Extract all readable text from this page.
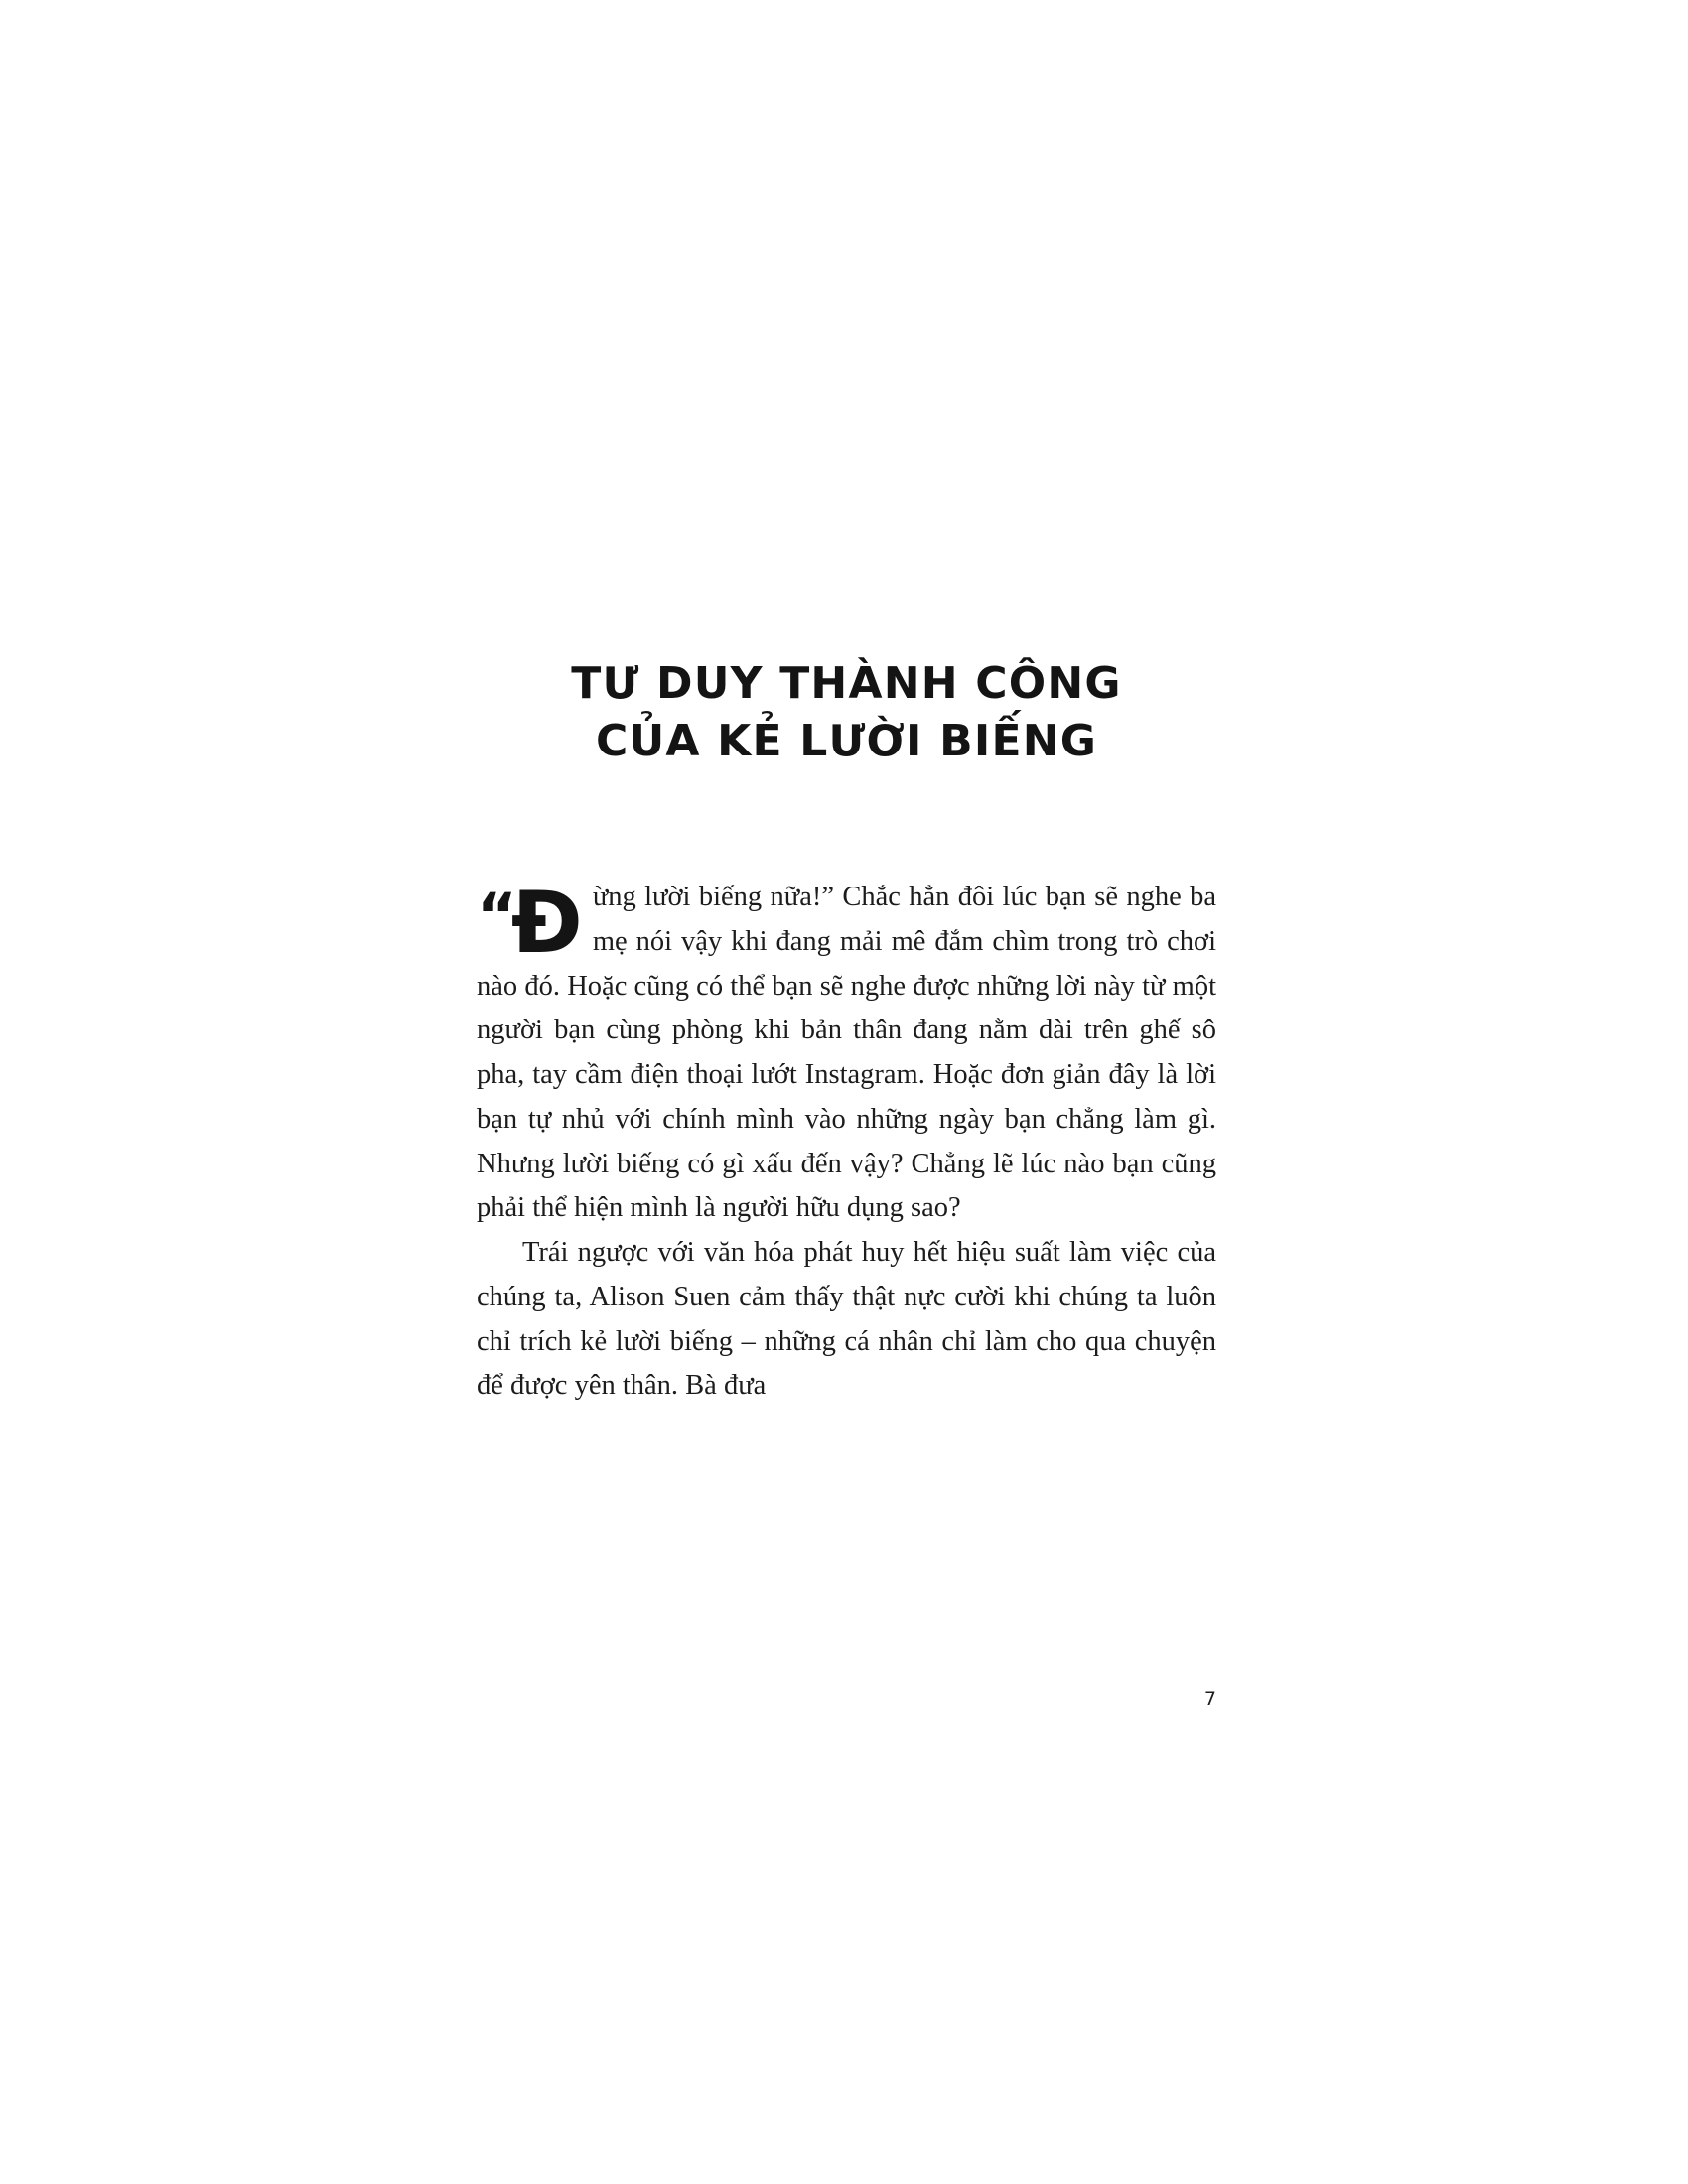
TƯ DUY THÀNH CÔNG
CỦA KẺ LƯỜI BIẾNG

“Đ ừng lười biếng nữa!” Chắc hẳn đôi lúc bạn sẽ nghe ba mẹ nói vậy khi đang mải mê đắm chìm trong trò chơi nào đó. Hoặc cũng có thể bạn sẽ nghe được những lời này từ một người bạn cùng phòng khi bản thân đang nằm dài trên ghế sô pha, tay cầm điện thoại lướt Instagram. Hoặc đơn giản đây là lời bạn tự nhủ với chính mình vào những ngày bạn chẳng làm gì. Nhưng lười biếng có gì xấu đến vậy? Chẳng lẽ lúc nào bạn cũng phải thể hiện mình là người hữu dụng sao?

Trái ngược với văn hóa phát huy hết hiệu suất làm việc của chúng ta, Alison Suen cảm thấy thật nực cười khi chúng ta luôn chỉ trích kẻ lười biếng – những cá nhân chỉ làm cho qua chuyện để được yên thân. Bà đưa

7
